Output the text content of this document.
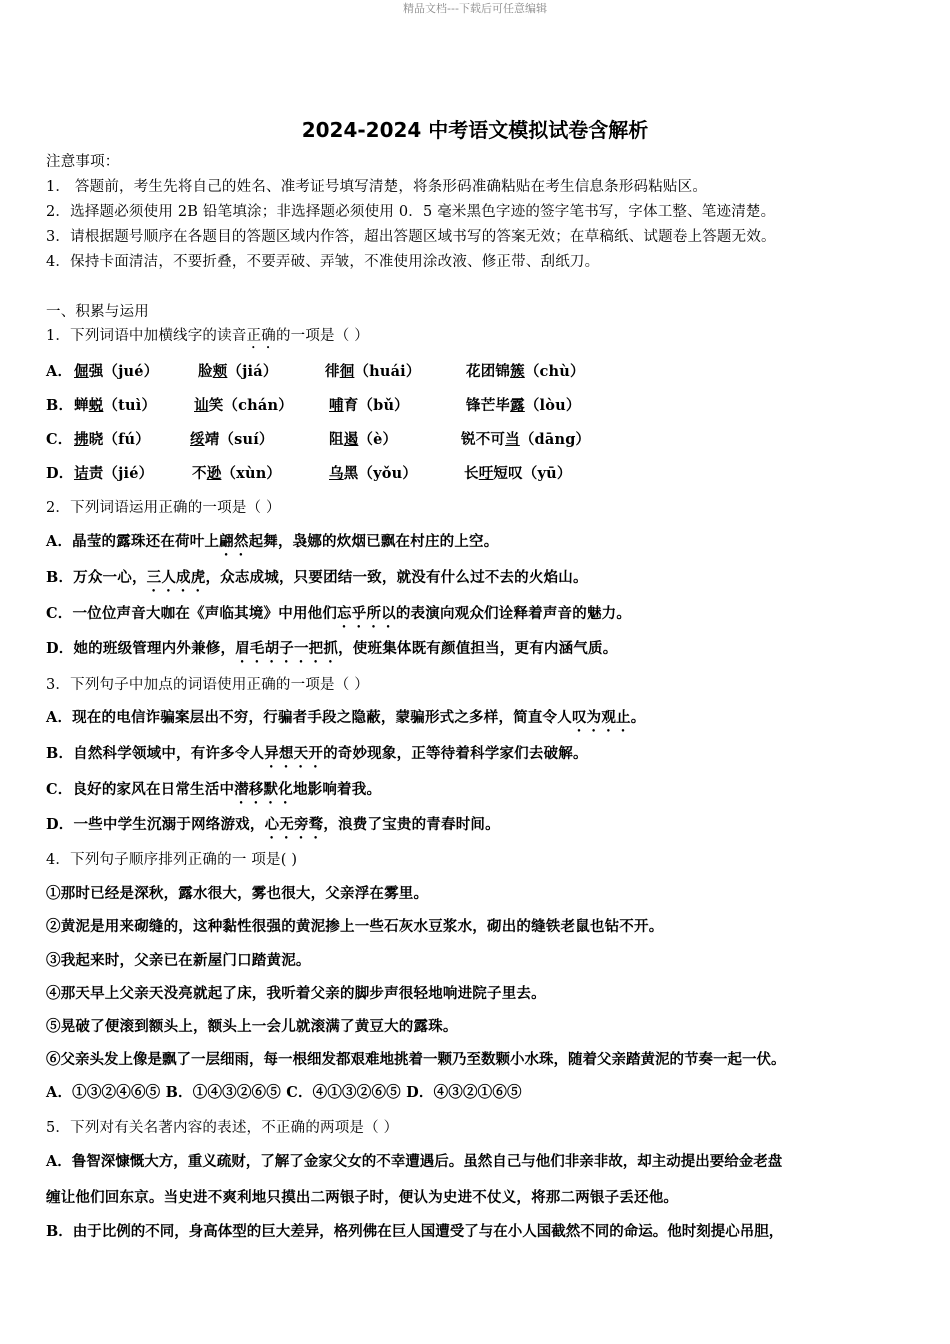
精品文档---下载后可任意编辑
2024-2024 中考语文模拟试卷含解析
注意事项：
1． 答题前，考生先将自己的姓名、准考证号填写清楚，将条形码准确粘贴在考生信息条形码粘贴区。
2．选择题必须使用 2B 铅笔填涂；非选择题必须使用 0．5 毫米黑色字迹的签字笔书写，字体工整、笔迹清楚。
3．请根据题号顺序在各题目的答题区域内作答，超出答题区域书写的答案无效；在草稿纸、试题卷上答题无效。
4．保持卡面清洁，不要折叠，不要弄破、弄皱，不准使用涂改液、修正带、刮纸刀。
一、积累与运用
1．下列词语中加横线字的读音正确的一项是（ ）
A． 倔强（jué）	脸颊（jiá）	徘徊（huái）	花团锦簇（chù）
B． 蝉蜕（tuì）	讪笑（chán） 哺育（bǔ）	锋芒毕露（lòu）
C． 拂晓（fú）	绥靖（suí）	阻遏（è）	锐不可当（dāng）
D． 诘责（jié）	不逊（xùn）	乌黑（yǒu）	长吁短叹（yū）
2．下列词语运用正确的一项是（ ）
A．晶莹的露珠还在荷叶上翩然起舞，袅娜的炊烟已飘在村庄的上空。
B．万众一心，三人成虎，众志成城，只要团结一致，就没有什么过不去的火焰山。
C．一位位声音大咖在《声临其境》中用他们忘乎所以的表演向观众们诠释着声音的魅力。
D．她的班级管理内外兼修，眉毛胡子一把抓，使班集体既有颜值担当，更有内涵气质。
3．下列句子中加点的词语使用正确的一项是（ ）
A．现在的电信诈骗案层出不穷，行骗者手段之隐蔽，蒙骗形式之多样，简直令人叹为观止。
B．自然科学领域中，有许多令人异想天开的奇妙现象，正等待着科学家们去破解。
C．良好的家风在日常生活中潜移默化地影响着我。
D．一些中学生沉溺于网络游戏，心无旁骛，浪费了宝贵的青春时间。
4．下列句子顺序排列正确的一 项是( )
①那时已经是深秋，露水很大，雾也很大，父亲浮在雾里。
②黄泥是用来砌缝的，这种黏性很强的黄泥掺上一些石灰水豆浆水，砌出的缝铁老鼠也钻不开。
③我起来时，父亲已在新屋门口踏黄泥。
④那天早上父亲天没亮就起了床，我听着父亲的脚步声很轻地响进院子里去。
⑤晃破了便滚到额头上，额头上一会儿就滚满了黄豆大的露珠。
⑥父亲头发上像是飘了一层细雨，每一根细发都艰难地挑着一颗乃至数颗小水珠，随着父亲踏黄泥的节奏一起一伏。
A．①③②④⑥⑤ B．①④③②⑥⑤ C．④①③②⑥⑤ D．④③②①⑥⑤
5．下列对有关名著内容的表述，不正确的两项是（ ）
A．鲁智深慷慨大方，重义疏财，了解了金家父女的不幸遭遇后。虽然自己与他们非亲非故，却主动提出要给金老盘
缠让他们回东京。当史进不爽利地只摸出二两银子时，便认为史进不仗义，将那二两银子丢还他。
B．由于比例的不同，身高体型的巨大差异，格列佛在巨人国遭受了与在小人国截然不同的命运。他时刻提心吊胆，
